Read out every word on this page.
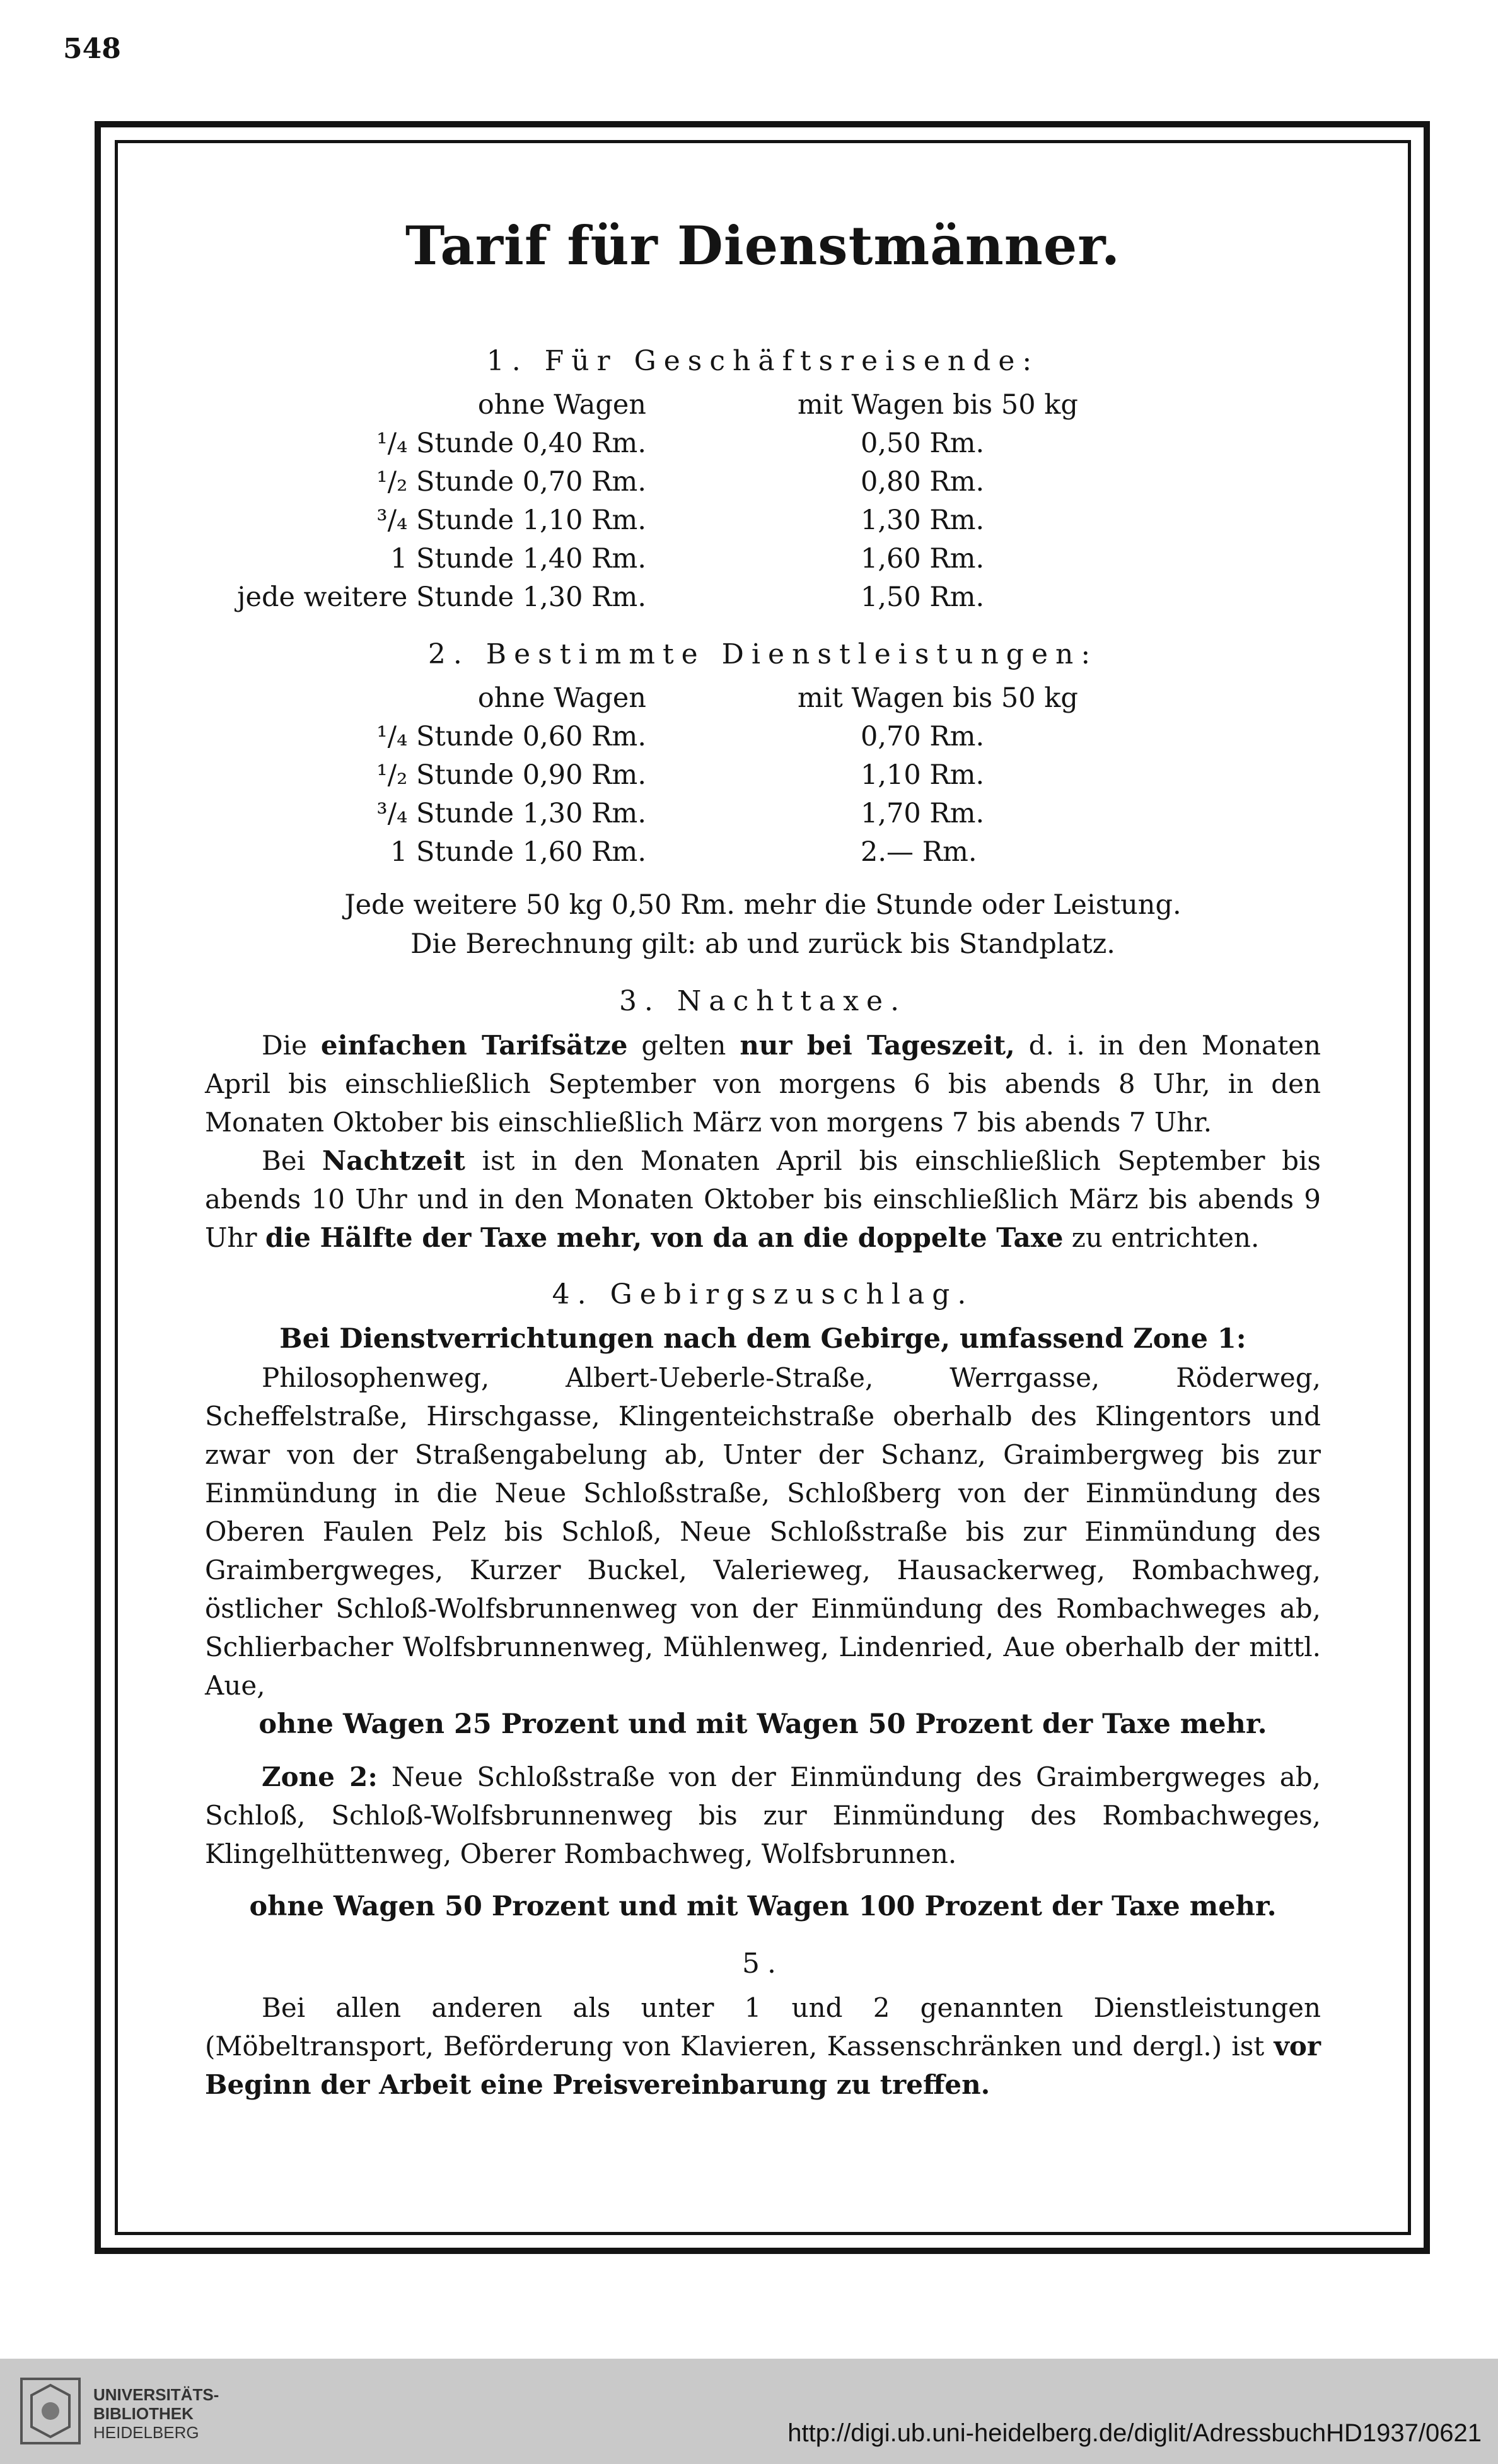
548
Tarif für Dienstmänner.
1. Für Geschäftsreisende:
ohne Wagen	mit Wagen bis 50 kg
¹/₄ Stunde 0,40 Rm.	0,50 Rm.
¹/₂ Stunde 0,70 Rm.	0,80 Rm.
³/₄ Stunde 1,10 Rm.	1,30 Rm.
1 Stunde 1,40 Rm.	1,60 Rm.
jede weitere Stunde 1,30 Rm.	1,50 Rm.
2. Bestimmte Dienstleistungen:
ohne Wagen	mit Wagen bis 50 kg
¹/₄ Stunde 0,60 Rm.	0,70 Rm.
¹/₂ Stunde 0,90 Rm.	1,10 Rm.
³/₄ Stunde 1,30 Rm.	1,70 Rm.
1 Stunde 1,60 Rm.	2.— Rm.
Jede weitere 50 kg 0,50 Rm. mehr die Stunde oder Leistung.
Die Berechnung gilt: ab und zurück bis Standplatz.
3. Nachttaxe.

Die einfachen Tarifsätze gelten nur bei Tageszeit, d. i. in den Monaten April bis einschließlich September von morgens 6 bis abends 8 Uhr, in den Monaten Oktober bis einschließlich März von morgens 7 bis abends 7 Uhr.

Bei Nachtzeit ist in den Monaten April bis einschließlich September bis abends 10 Uhr und in den Monaten Oktober bis einschließlich März bis abends 9 Uhr die Hälfte der Taxe mehr, von da an die doppelte Taxe zu entrichten.

4. Gebirgszuschlag.
Bei Dienstverrichtungen nach dem Gebirge, umfassend Zone 1:

Philosophenweg, Albert-Ueberle-Straße, Werrgasse, Röderweg, Scheffelstraße, Hirschgasse, Klingenteichstraße oberhalb des Klingentors und zwar von der Straßengabelung ab, Unter der Schanz, Graimbergweg bis zur Einmündung in die Neue Schloßstraße, Schloßberg von der Einmündung des Oberen Faulen Pelz bis Schloß, Neue Schloßstraße bis zur Einmündung des Graimbergweges, Kurzer Buckel, Valerieweg, Hausackerweg, Rombachweg, östlicher Schloß-Wolfsbrunnenweg von der Einmündung des Rombachweges ab, Schlierbacher Wolfsbrunnenweg, Mühlenweg, Lindenried, Aue oberhalb der mittl. Aue,

ohne Wagen 25 Prozent und mit Wagen 50 Prozent der Taxe mehr.

Zone 2: Neue Schloßstraße von der Einmündung des Graimbergweges ab, Schloß, Schloß-Wolfsbrunnenweg bis zur Einmündung des Rombachweges, Klingelhüttenweg, Oberer Rombachweg, Wolfsbrunnen.

ohne Wagen 50 Prozent und mit Wagen 100 Prozent der Taxe mehr.
5.

Bei allen anderen als unter 1 und 2 genannten Dienstleistungen (Möbeltransport, Beförderung von Klavieren, Kassenschränken und dergl.) ist vor Beginn der Arbeit eine Preisvereinbarung zu treffen.

UNIVERSITÄTS-
BIBLIOTHEK
HEIDELBERG	http://digi.ub.uni-heidelberg.de/diglit/AdressbuchHD1937/0621
